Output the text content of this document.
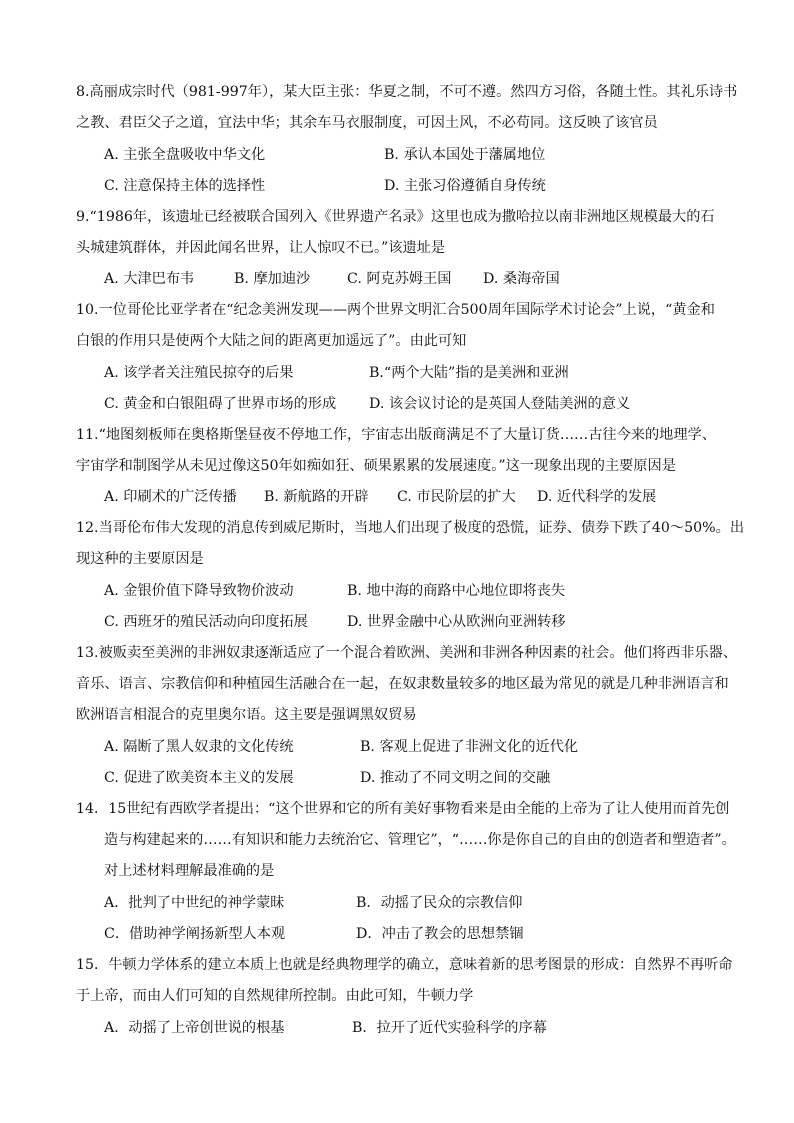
8.高丽成宗时代（981-997年），某大臣主张：华夏之制，不可不遵。然四方习俗，各随土性。其礼乐诗书
之教、君臣父子之道，宜法中华；其余车马衣服制度，可因土风，不必苟同。这反映了该官员
A. 主张全盘吸收中华文化	B. 承认本国处于藩属地位
C. 注意保持主体的选择性	D. 主张习俗遵循自身传统
9.“1986年，该遗址已经被联合国列入《世界遗产名录》这里也成为撒哈拉以南非洲地区规模最大的石
头城建筑群体，并因此闻名世界，让人惊叹不已。”该遗址是
A. 大津巴布韦	B. 摩加迪沙	C. 阿克苏姆王国 D. 桑海帝国
10.一位哥伦比亚学者在“纪念美洲发现——两个世界文明汇合500周年国际学术讨论会”上说，“黄金和
白银的作用只是使两个大陆之间的距离更加遥远了”。由此可知
A. 该学者关注殖民掠夺的后果	B.“两个大陆”指的是美洲和亚洲
C. 黄金和白银阻碍了世界市场的形成 D. 该会议讨论的是英国人登陆美洲的意义
11.“地图刻板师在奥格斯堡昼夜不停地工作，宇宙志出版商满足不了大量订货……古往今来的地理学、
宇宙学和制图学从未见过像这50年如痴如狂、硕果累累的发展速度。”这一现象出现的主要原因是
A. 印刷术的广泛传播 B. 新航路的开辟 C. 市民阶层的扩大 D. 近代科学的发展
12.当哥伦布伟大发现的消息传到威尼斯时，当地人们出现了极度的恐慌，证券、债券下跌了40～50%。出
现这种的主要原因是
A. 金银价值下降导致物价波动	B. 地中海的商路中心地位即将丧失
C. 西班牙的殖民活动向印度拓展	D. 世界金融中心从欧洲向亚洲转移
13.被贩卖至美洲的非洲奴隶逐渐适应了一个混合着欧洲、美洲和非洲各种因素的社会。他们将西非乐器、
音乐、语言、宗教信仰和种植园生活融合在一起，在奴隶数量较多的地区最为常见的就是几种非洲语言和
欧洲语言相混合的克里奥尔语。这主要是强调黑奴贸易
A. 隔断了黑人奴隶的文化传统	B. 客观上促进了非洲文化的近代化
C. 促进了欧美资本主义的发展	D. 推动了不同文明之间的交融
14．15世纪有西欧学者提出：“这个世界和它的所有美好事物看来是由全能的上帝为了让人使用而首先创
造与构建起来的……有知识和能力去统治它、管理它”，“……你是你自己的自由的创造者和塑造者”。
对上述材料理解最准确的是
A．批判了中世纪的神学蒙昧	B．动摇了民众的宗教信仰
C．借助神学阐扬新型人本观	D．冲击了教会的思想禁锢
15．牛顿力学体系的建立本质上也就是经典物理学的确立，意味着新的思考图景的形成：自然界不再听命
于上帝，而由人们可知的自然规律所控制。由此可知，牛顿力学
A．动摇了上帝创世说的根基	B．拉开了近代实验科学的序幕
